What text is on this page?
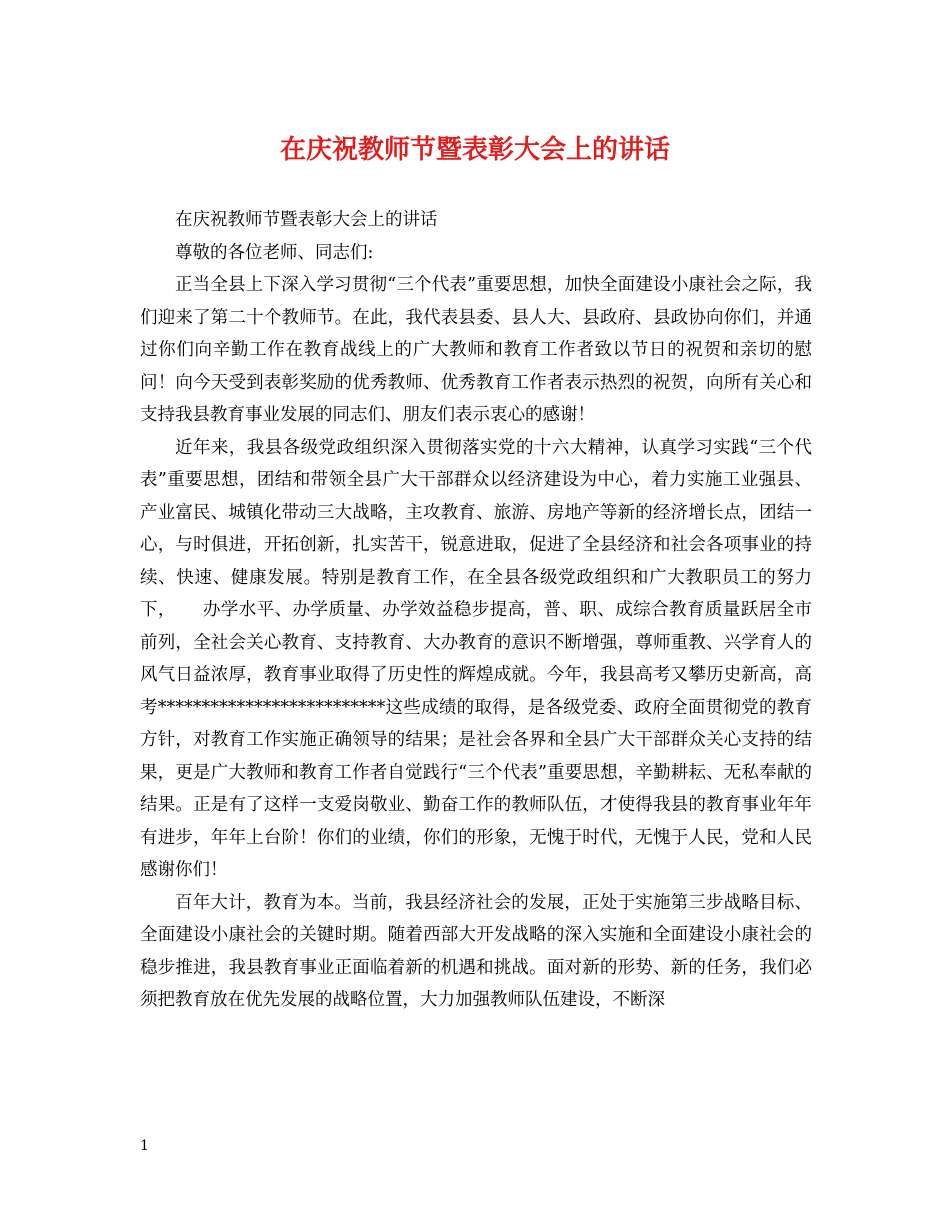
在庆祝教师节暨表彰大会上的讲话

在庆祝教师节暨表彰大会上的讲话

尊敬的各位老师、同志们:

正当全县上下深入学习贯彻“三个代表”重要思想，加快全面建设小康社会之际，我们迎来了第二十个教师节。在此，我代表县委、县人大、县政府、县政协向你们，并通过你们向辛勤工作在教育战线上的广大教师和教育工作者致以节日的祝贺和亲切的慰问！向今天受到表彰奖励的优秀教师、优秀教育工作者表示热烈的祝贺，向所有关心和支持我县教育事业发展的同志们、朋友们表示衷心的感谢！

近年来，我县各级党政组织深入贯彻落实党的十六大精神，认真学习实践“三个代表”重要思想，团结和带领全县广大干部群众以经济建设为中心，着力实施工业强县、产业富民、城镇化带动三大战略，主攻教育、旅游、房地产等新的经济增长点，团结一心，与时俱进，开拓创新，扎实苦干，锐意进取，促进了全县经济和社会各项事业的持续、快速、健康发展。特别是教育工作，在全县各级党政组织和广大教职员工的努力下，　　办学水平、办学质量、办学效益稳步提高，普、职、成综合教育质量跃居全市前列，全社会关心教育、支持教育、大办教育的意识不断增强，尊师重教、兴学育人的风气日益浓厚，教育事业取得了历史性的辉煌成就。今年，我县高考又攀历史新高，高考**************************这些成绩的取得，是各级党委、政府全面贯彻党的教育方针，对教育工作实施正确领导的结果；是社会各界和全县广大干部群众关心支持的结果，更是广大教师和教育工作者自觉践行“三个代表”重要思想，辛勤耕耘、无私奉献的结果。正是有了这样一支爱岗敬业、勤奋工作的教师队伍，才使得我县的教育事业年年有进步，年年上台阶！你们的业绩，你们的形象，无愧于时代，无愧于人民，党和人民感谢你们！

百年大计，教育为本。当前，我县经济社会的发展，正处于实施第三步战略目标、全面建设小康社会的关键时期。随着西部大开发战略的深入实施和全面建设小康社会的稳步推进，我县教育事业正面临着新的机遇和挑战。面对新的形势、新的任务，我们必须把教育放在优先发展的战略位置，大力加强教师队伍建设，不断深

1
